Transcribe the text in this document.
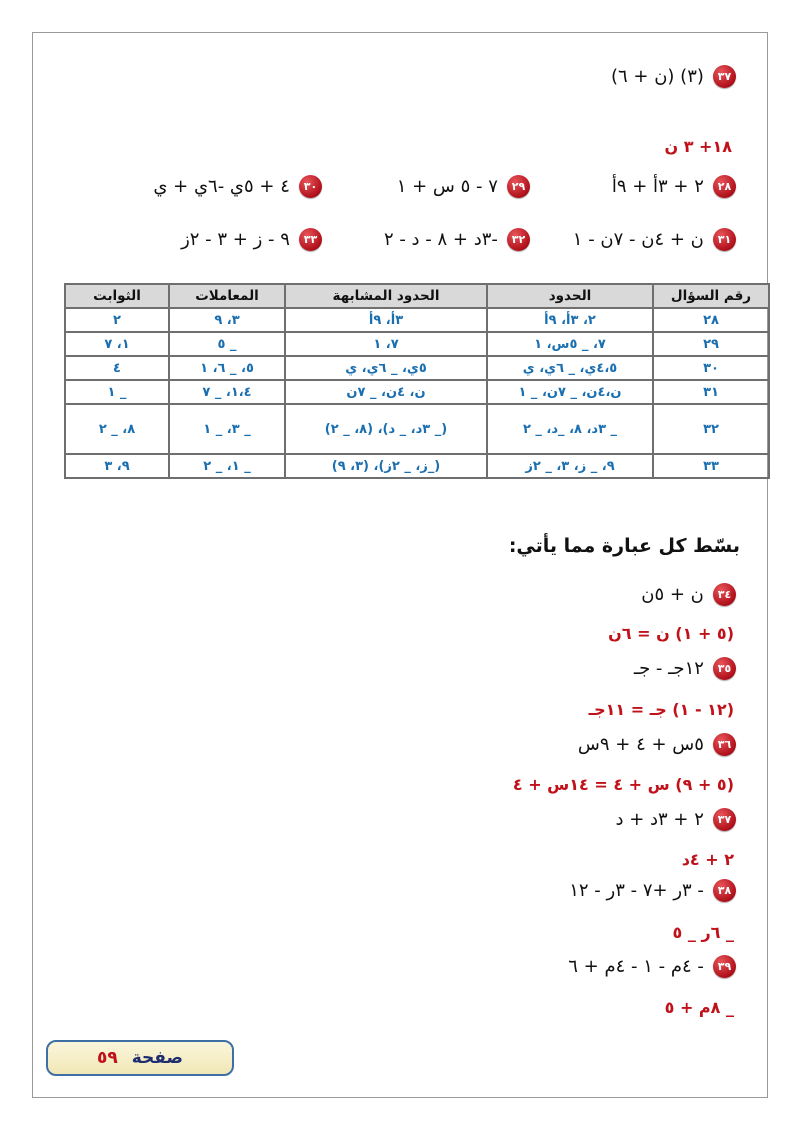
٣٧ (٣) (ن + ٦)
١٨+ ٣ ن
٢٨ ٢ + ٣أ + ٩أ
٢٩ ٧ - ٥ س + ١
٣٠ ٤ + ٥ي -٦ي + ي
٣١ ن + ٤ن - ٧ن - ١
٣٢ -٣د + ٨ - د - ٢
٣٣ ٩ - ز + ٣ - ٢ز
رقم السؤال	الحدود	الحدود المشابهة	المعاملات	الثوابت
٢٨	٢، ٣أ، ٩أ	٣أ، ٩أ	٣، ٩	٢
٢٩	٧، _ ٥س، ١	٧، ١	_ ٥	١، ٧
٣٠	٤،٥ي، _ ٦ي، ي	٥ي، _ ٦ي، ي	٥، _ ٦، ١	٤
٣١	ن،٤ن، _ ٧ن، _ ١	ن، ٤ن، _ ٧ن	١،٤، _ ٧	_ ١
٣٢	_ ٣د، ٨، _د، _ ٢	(_ ٣د، _ د)، (٨، _ ٢)	_ ٣، _ ١	٨، _ ٢
٣٣	٩، _ ز، ٣، _ ٢ز	(_ز، _ ٢ز)، (٣، ٩)	_ ١، _ ٢	٩، ٣
بسّط كل عبارة مما يأتي:
٣٤ ن + ٥ن
(٥ + ١) ن = ٦ن
٣٥ ١٢جـ - جـ
(١٢ - ١) جـ = ١١جـ
٣٦ ٥س + ٤ + ٩س
(٥ + ٩) س + ٤ = ١٤س + ٤
٣٧ ٢ + ٣د + د
٢ + ٤د
٣٨ - ٣ر +٧ - ٣ر - ١٢
_ ٦ر _ ٥
٣٩ - ٤م - ١ - ٤م + ٦
_ ٨م + ٥
صفحة ٥٩
